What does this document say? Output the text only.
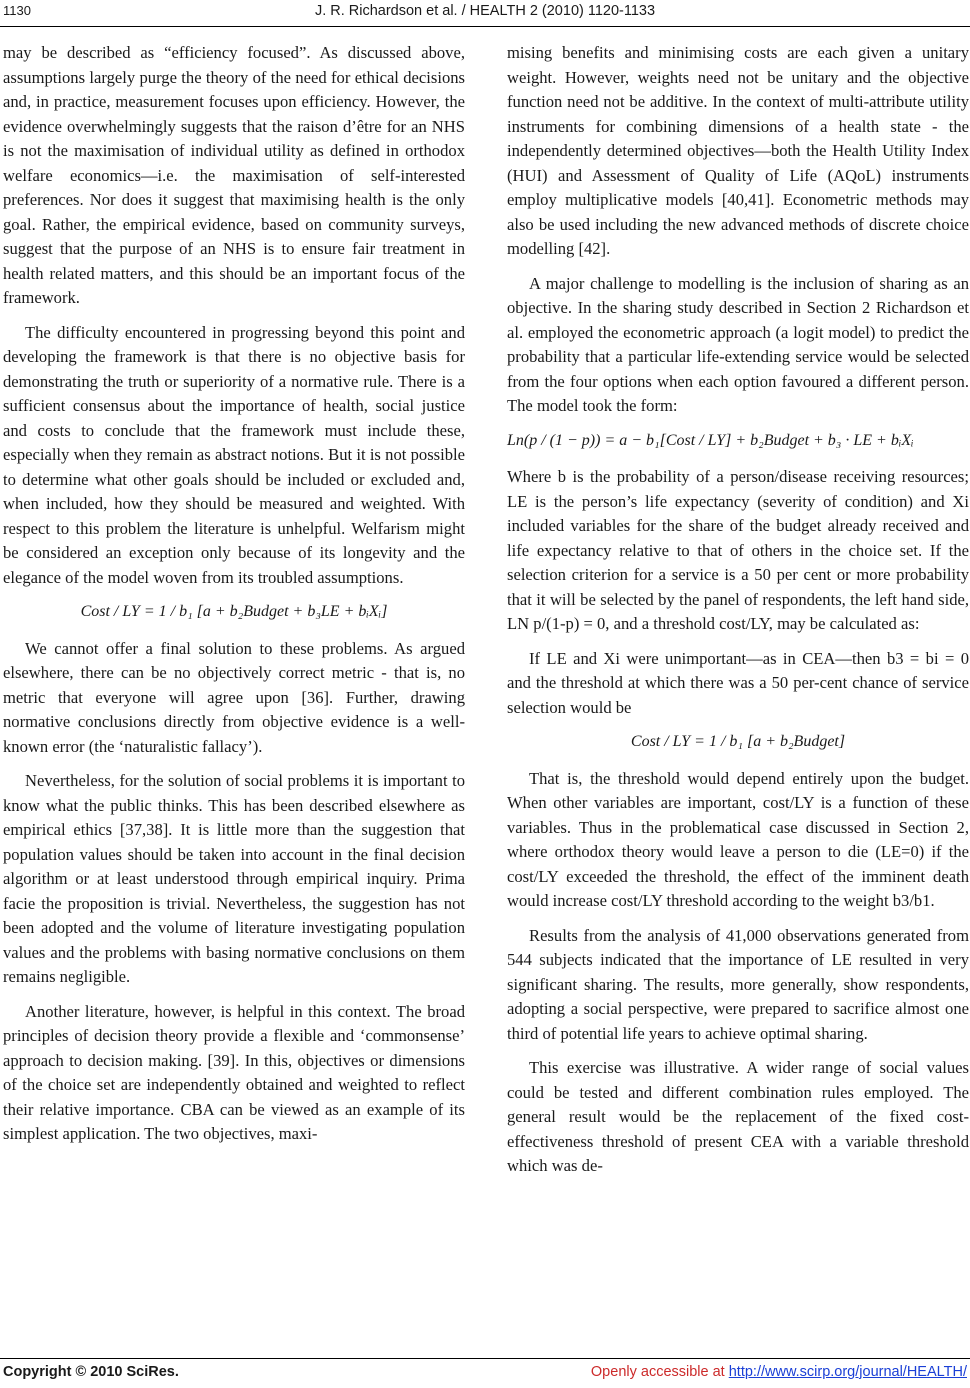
1130	J. R. Richardson et al. / HEALTH 2 (2010) 1120-1133

may be described as “efficiency focused”. As discussed above, assumptions largely purge the theory of the need for ethical decisions and, in practice, measurement focuses upon efficiency. However, the evidence overwhelmingly suggests that the raison d’être for an NHS is not the maximisation of individual utility as defined in orthodox welfare economics—i.e. the maximisation of self-interested preferences. Nor does it suggest that maximising health is the only goal. Rather, the empirical evidence, based on community surveys, suggest that the purpose of an NHS is to ensure fair treatment in health related matters, and this should be an important focus of the framework.

The difficulty encountered in progressing beyond this point and developing the framework is that there is no objective basis for demonstrating the truth or superiority of a normative rule. There is a sufficient consensus about the importance of health, social justice and costs to conclude that the framework must include these, especially when they remain as abstract notions. But it is not possible to determine what other goals should be included or excluded and, when included, how they should be measured and weighted. With respect to this problem the literature is unhelpful. Welfarism might be considered an exception only because of its longevity and the elegance of the model woven from its troubled assumptions.

Cost / LY = 1 / b₁ [a + b₂Budget + b₃LE + bᵢXᵢ]

We cannot offer a final solution to these problems. As argued elsewhere, there can be no objectively correct metric - that is, no metric that everyone will agree upon [36]. Further, drawing normative conclusions directly from objective evidence is a well-known error (the ‘naturalistic fallacy’).

Nevertheless, for the solution of social problems it is important to know what the public thinks. This has been described elsewhere as empirical ethics [37,38]. It is little more than the suggestion that population values should be taken into account in the final decision algorithm or at least understood through empirical inquiry. Prima facie the proposition is trivial. Nevertheless, the suggestion has not been adopted and the volume of literature investigating population values and the problems with basing normative conclusions on them remains negligible.

Another literature, however, is helpful in this context. The broad principles of decision theory provide a flexible and ‘commonsense’ approach to decision making. [39]. In this, objectives or dimensions of the choice set are independently obtained and weighted to reflect their relative importance. CBA can be viewed as an example of its simplest application. The two objectives, maxi-

mising benefits and minimising costs are each given a unitary weight. However, weights need not be unitary and the objective function need not be additive. In the context of multi-attribute utility instruments for combining dimensions of a health state - the independently determined objectives—both the Health Utility Index (HUI) and Assessment of Quality of Life (AQoL) instruments employ multiplicative models [40,41]. Econometric methods may also be used including the new advanced methods of discrete choice modelling [42].

A major challenge to modelling is the inclusion of sharing as an objective. In the sharing study described in Section 2 Richardson et al. employed the econometric approach (a logit model) to predict the probability that a particular life-extending service would be selected from the four options when each option favoured a different person. The model took the form:

Ln(p / (1 − p)) = a − b₁[Cost / LY] + b₂Budget + b₃ · LE + bᵢXᵢ

Where b is the probability of a person/disease receiving resources; LE is the person’s life expectancy (severity of condition) and Xi included variables for the share of the budget already received and life expectancy relative to that of others in the choice set. If the selection criterion for a service is a 50 per cent or more probability that it will be selected by the panel of respondents, the left hand side, LN p/(1-p) = 0, and a threshold cost/LY, may be calculated as:

If LE and Xi were unimportant—as in CEA—then b3 = bi = 0 and the threshold at which there was a 50 per-cent chance of service selection would be

Cost / LY = 1 / b₁ [a + b₂Budget]

That is, the threshold would depend entirely upon the budget. When other variables are important, cost/LY is a function of these variables. Thus in the problematical case discussed in Section 2, where orthodox theory would leave a person to die (LE=0) if the cost/LY exceeded the threshold, the effect of the imminent death would increase cost/LY threshold according to the weight b3/b1.

Results from the analysis of 41,000 observations generated from 544 subjects indicated that the importance of LE resulted in very significant sharing. The results, more generally, show respondents, adopting a social perspective, were prepared to sacrifice almost one third of potential life years to achieve optimal sharing.

This exercise was illustrative. A wider range of social values could be tested and different combination rules employed. The general result would be the replacement of the fixed cost-effectiveness threshold of present CEA with a variable threshold which was de-

Copyright © 2010 SciRes.	Openly accessible at http://www.scirp.org/journal/HEALTH/
